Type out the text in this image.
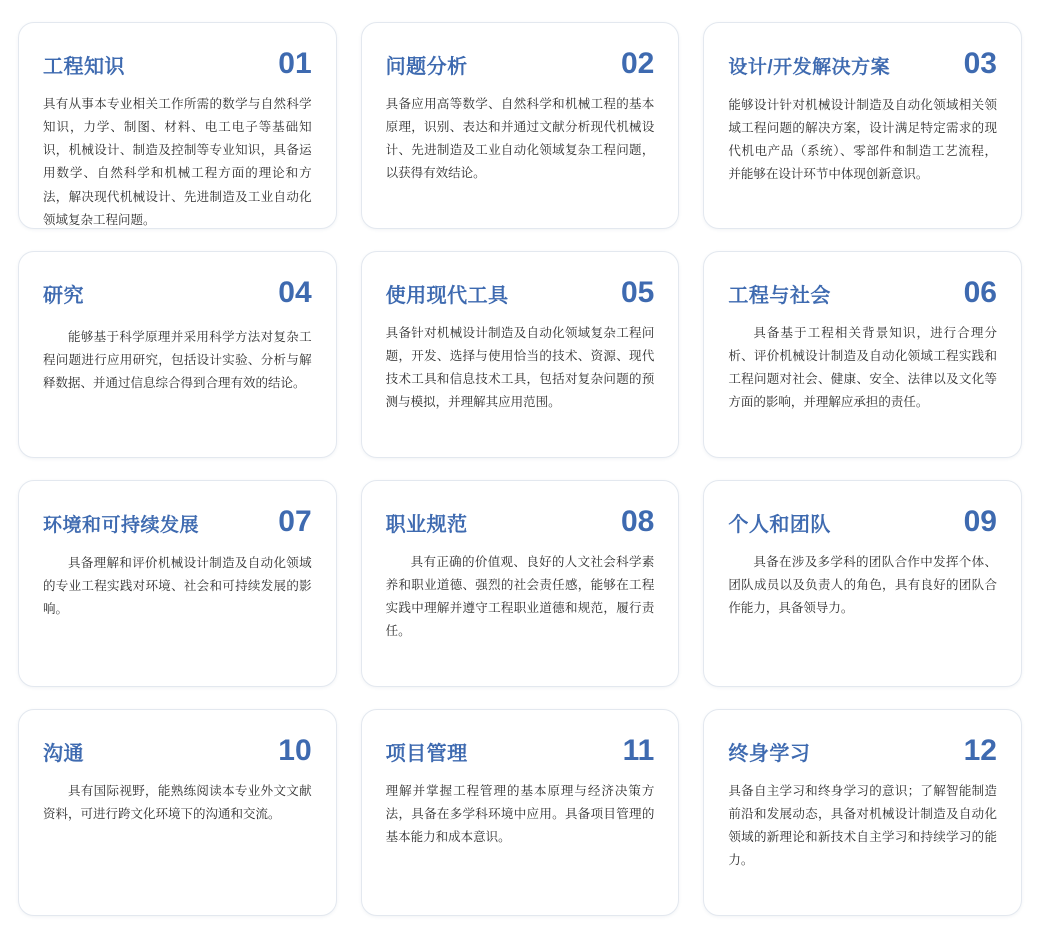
工程知识	01
具有从事本专业相关工作所需的数学与自然科学知识，力学、制图、材料、电工电子等基础知识，机械设计、制造及控制等专业知识，具备运用数学、自然科学和机械工程方面的理论和方法，解决现代机械设计、先进制造及工业自动化领域复杂工程问题。
问题分析	02
具备应用高等数学、自然科学和机械工程的基本原理，识别、表达和并通过文献分析现代机械设计、先进制造及工业自动化领域复杂工程问题，以获得有效结论。
设计/开发解决方案 03
能够设计针对机械设计制造及自动化领域相关领域工程问题的解决方案，设计满足特定需求的现代机电产品（系统）、零部件和制造工艺流程，并能够在设计环节中体现创新意识。
研究	04
能够基于科学原理并采用科学方法对复杂工程问题进行应用研究，包括设计实验、分析与解释数据、并通过信息综合得到合理有效的结论。
使用现代工具	05
具备针对机械设计制造及自动化领域复杂工程问题，开发、选择与使用恰当的技术、资源、现代技术工具和信息技术工具，包括对复杂问题的预测与模拟，并理解其应用范围。
工程与社会	06
具备基于工程相关背景知识，进行合理分析、评价机械设计制造及自动化领域工程实践和工程问题对社会、健康、安全、法律以及文化等方面的影响，并理解应承担的责任。
环境和可持续发展	07
具备理解和评价机械设计制造及自动化领域的专业工程实践对环境、社会和可持续发展的影响。
职业规范	08
具有正确的价值观、良好的人文社会科学素养和职业道德、强烈的社会责任感，能够在工程实践中理解并遵守工程职业道德和规范，履行责任。
个人和团队	09
具备在涉及多学科的团队合作中发挥个体、团队成员以及负责人的角色，具有良好的团队合作能力，具备领导力。
沟通	10
具有国际视野，能熟练阅读本专业外文文献资料，可进行跨文化环境下的沟通和交流。
项目管理	11
理解并掌握工程管理的基本原理与经济决策方法，具备在多学科环境中应用。具备项目管理的基本能力和成本意识。
终身学习	12
具备自主学习和终身学习的意识；了解智能制造前沿和发展动态，具备对机械设计制造及自动化领域的新理论和新技术自主学习和持续学习的能力。
